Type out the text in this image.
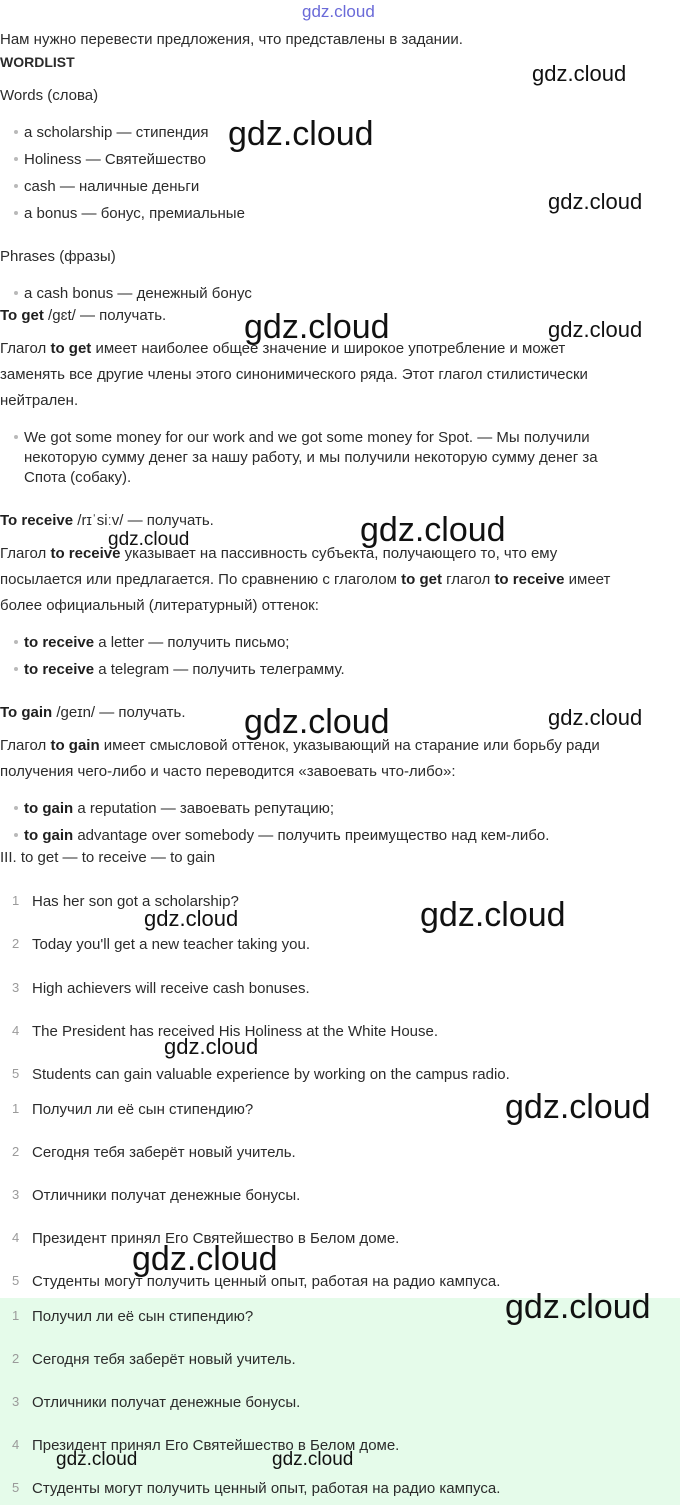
gdz.cloud
Нам нужно перевести предложения, что представлены в задании.
WORDLIST
Words (слова)
a scholarship — стипендия
Holiness — Святейшество
cash — наличные деньги
a bonus — бонус, премиальные
Phrases (фразы)
a cash bonus — денежный бонус
To get /gɛt/ — получать.
Глагол to get имеет наиболее общее значение и широкое употребление и может
заменять все другие члены этого синонимического ряда. Этот глагол стилистически
нейтрален.
We got some money for our work and we got some money for Spot. — Мы получили
некоторую сумму денег за нашу работу, и мы получили некоторую сумму денег за
Спота (собаку).
To receive /rɪˈsiːv/ — получать.
Глагол to receive указывает на пассивность субъекта, получающего то, что ему
посылается или предлагается. По сравнению с глаголом to get глагол to receive имеет
более официальный (литературный) оттенок:
to receive a letter — получить письмо;
to receive a telegram — получить телеграмму.
To gain /geɪn/ — получать.
Глагол to gain имеет смысловой оттенок, указывающий на старание или борьбу ради
получения чего-либо и часто переводится «завоевать что-либо»:
to gain a reputation — завоевать репутацию;
to gain advantage over somebody — получить преимущество над кем-либо.
III. to get — to receive — to gain
1 Has her son got a scholarship?
2 Today you'll get a new teacher taking you.
3 High achievers will receive cash bonuses.
4 The President has received His Holiness at the White House.
5 Students can gain valuable experience by working on the campus radio.
1 Получил ли её сын стипендию?
2 Сегодня тебя заберёт новый учитель.
3 Отличники получат денежные бонусы.
4 Президент принял Его Святейшество в Белом доме.
5 Студенты могут получить ценный опыт, работая на радио кампуса.
1 Получил ли её сын стипендию?
2 Сегодня тебя заберёт новый учитель.
3 Отличники получат денежные бонусы.
4 Президент принял Его Святейшество в Белом доме.
5 Студенты могут получить ценный опыт, работая на радио кампуса.
gdz.cloud
gdz.cloud
gdz.cloud
gdz.cloud	gdz.cloud
gdz.cloud
gdz.cloud	gdz.cloud
gdz.cloud
gdz.cloud
gdz.cloud
gdz.cloud
gdz.cloud
gdz.cloud
gdz.cloud
gdz.cloud	gdz.cloud
